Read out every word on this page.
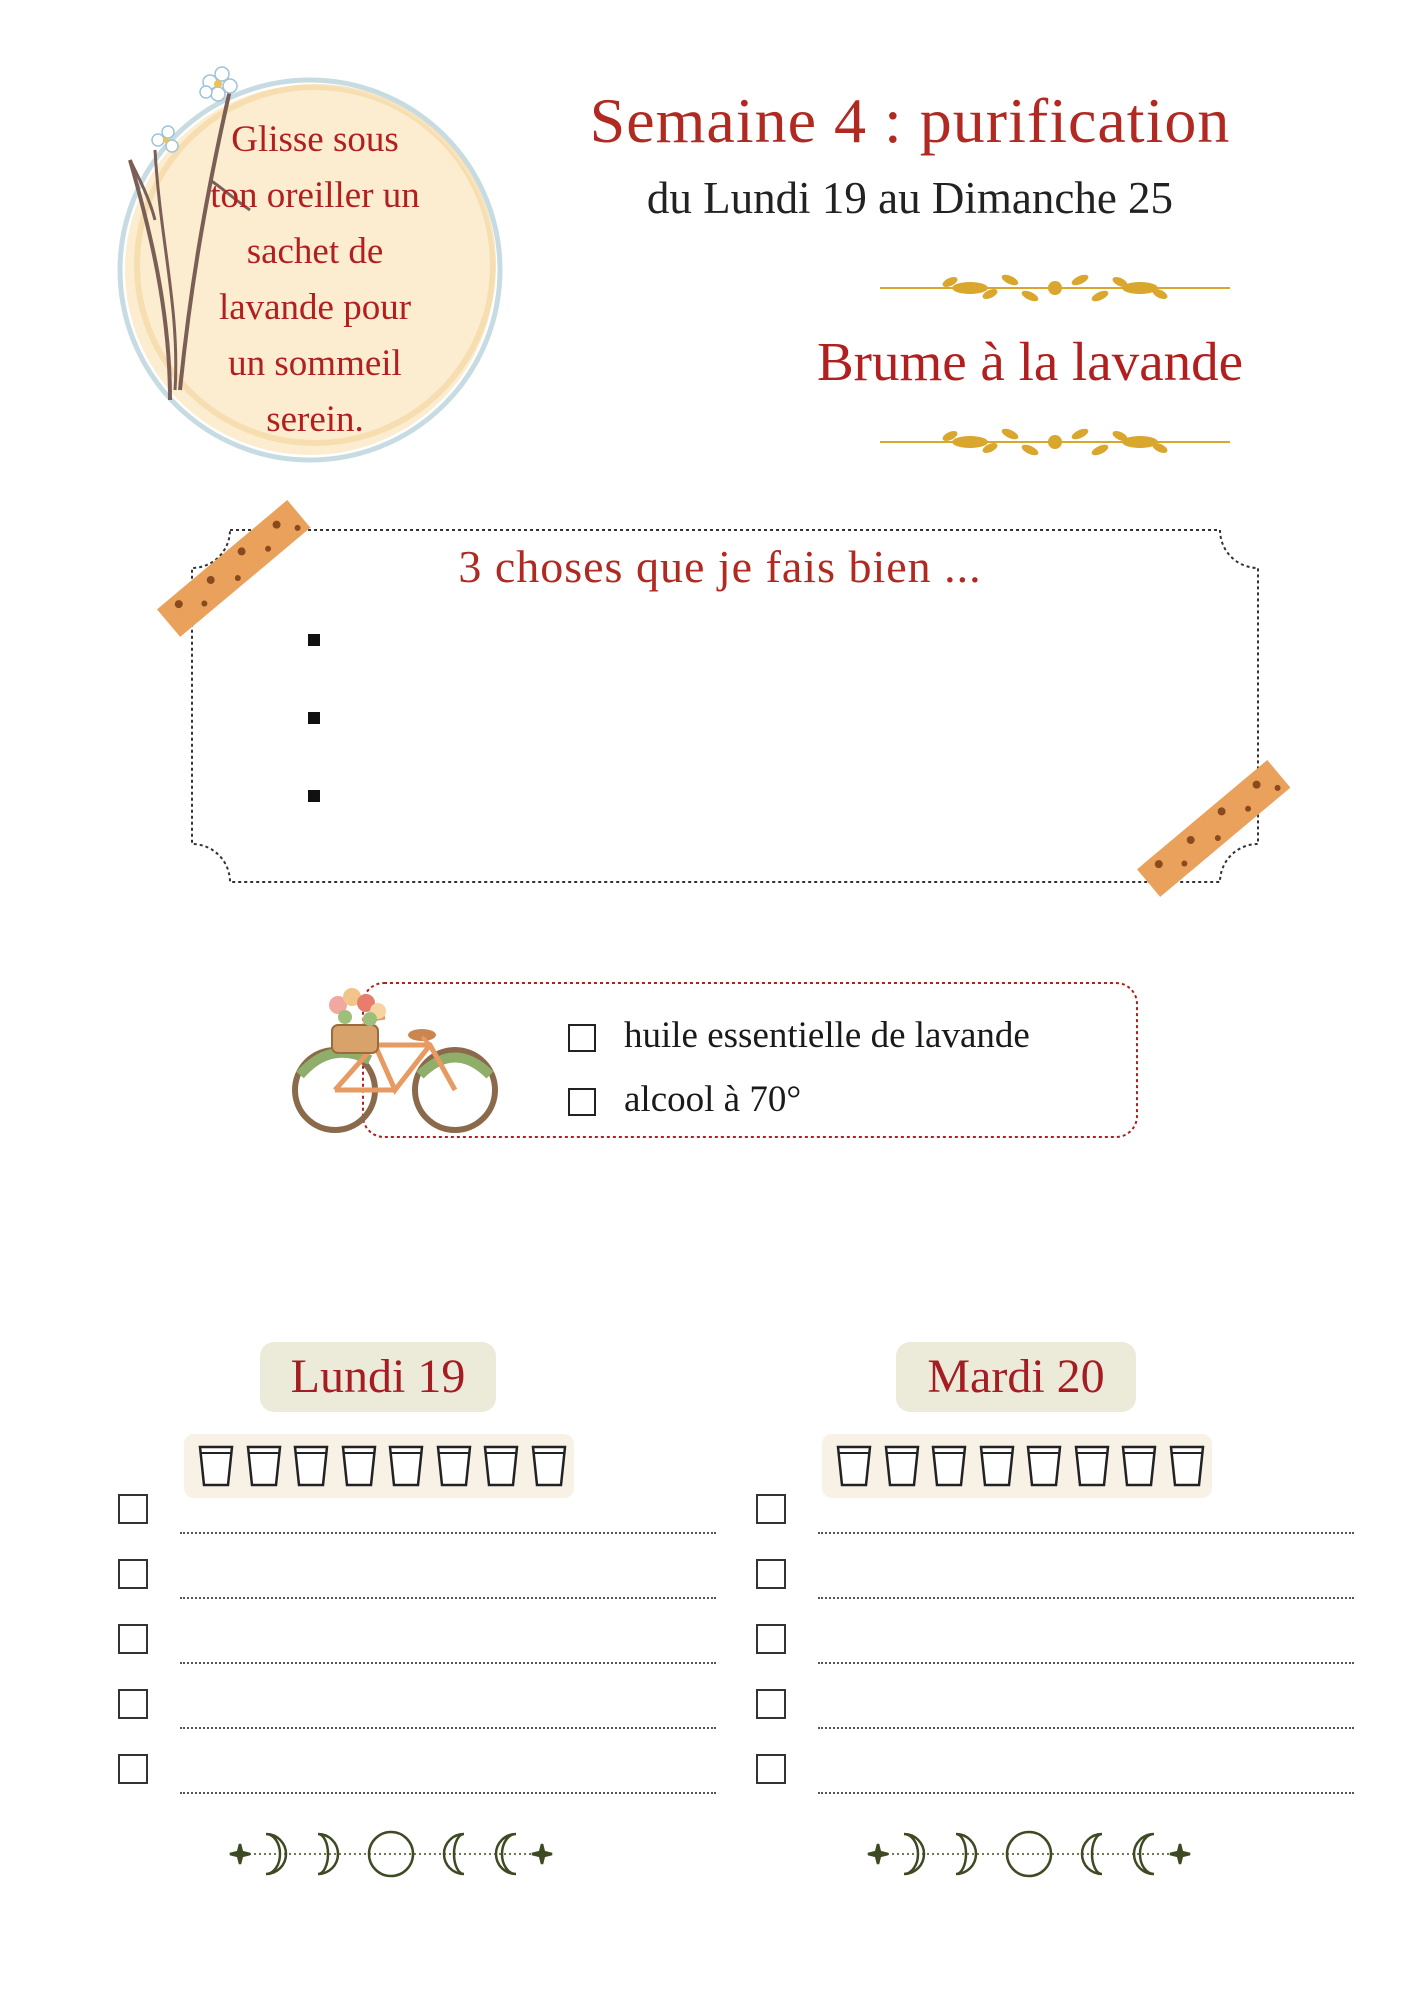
Glisse sous
ton oreiller un
sachet de
lavande pour
un sommeil
serein.
Semaine 4 : purification
du Lundi 19 au Dimanche 25
Brume à la lavande
3 choses que je fais bien ...
huile essentielle de lavande
alcool à 70°
Lundi 19	Mardi 20
